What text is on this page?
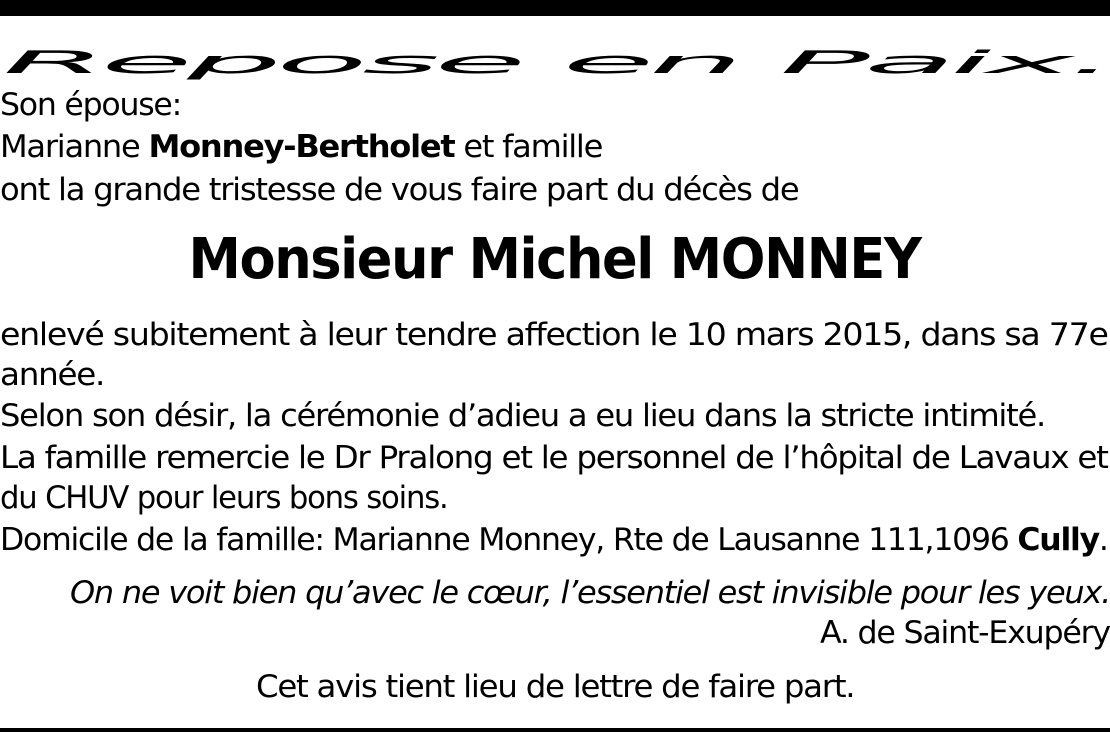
Repose en Paix.
Son épouse:
Marianne Monney-Bertholet et famille
ont la grande tristesse de vous faire part du décès de
Monsieur Michel MONNEY
enlevé subitement à leur tendre affection le 10 mars 2015, dans sa 77e
année.
Selon son désir, la cérémonie d’adieu a eu lieu dans la stricte intimité.
La famille remercie le Dr Pralong et le personnel de l’hôpital de Lavaux et
du CHUV pour leurs bons soins.
Domicile de la famille: Marianne Monney, Rte de Lausanne 111,1096 Cully.
On ne voit bien qu’avec le cœur, l’essentiel est invisible pour les yeux.
A. de Saint-Exupéry
Cet avis tient lieu de lettre de faire part.
